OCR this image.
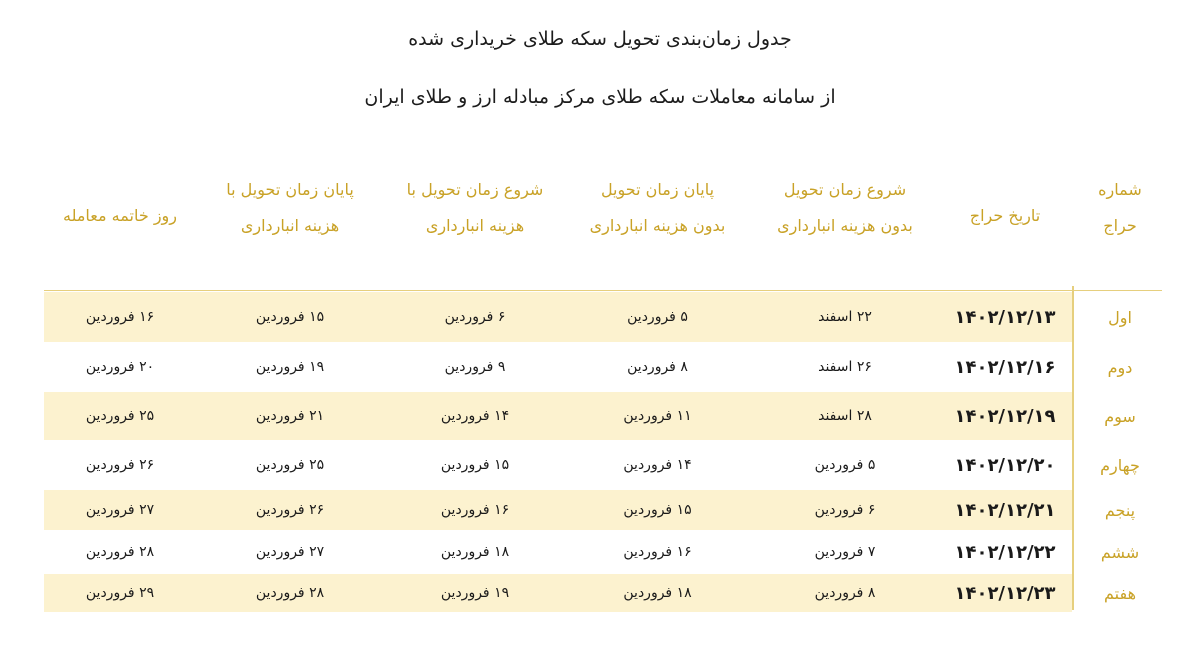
جدول زمان‌بندی تحویل سکه طلای خریداری شده
از سامانه معاملات سکه طلای مرکز مبادله ارز و طلای ایران
شماره
حراج
تاریخ حراج
شروع زمان تحویل
بدون هزینه انبارداری
پایان زمان تحویل
بدون هزینه انبارداری
شروع زمان تحویل با
هزینه انبارداری
پایان زمان تحویل با
هزینه انبارداری
روز خاتمه معامله
اول
۱۴۰۲/۱۲/۱۳
۲۲ اسفند
۵ فروردین
۶ فروردین
۱۵ فروردین
۱۶ فروردین
دوم
۱۴۰۲/۱۲/۱۶
۲۶ اسفند
۸ فروردین
۹ فروردین
۱۹ فروردین
۲۰ فروردین
سوم
۱۴۰۲/۱۲/۱۹
۲۸ اسفند
۱۱ فروردین
۱۴ فروردین
۲۱ فروردین
۲۵ فروردین
چهارم
۱۴۰۲/۱۲/۲۰
۵ فروردین
۱۴ فروردین
۱۵ فروردین
۲۵ فروردین
۲۶ فروردین
پنجم
۱۴۰۲/۱۲/۲۱
۶ فروردین
۱۵ فروردین
۱۶ فروردین
۲۶ فروردین
۲۷ فروردین
ششم
۱۴۰۲/۱۲/۲۲
۷ فروردین
۱۶ فروردین
۱۸ فروردین
۲۷ فروردین
۲۸ فروردین
هفتم
۱۴۰۲/۱۲/۲۳
۸ فروردین
۱۸ فروردین
۱۹ فروردین
۲۸ فروردین
۲۹ فروردین
